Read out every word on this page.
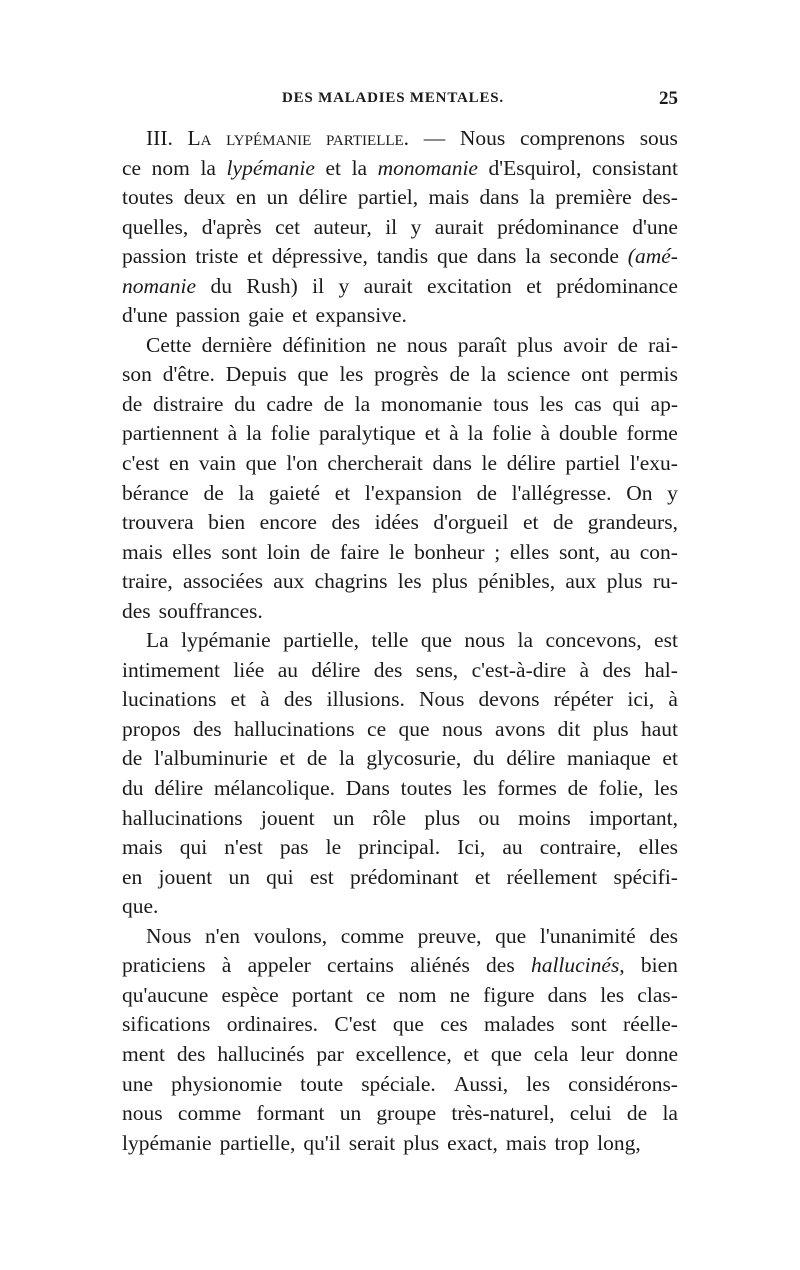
DES MALADIES MENTALES.	25
III. La lypémanie partielle. — Nous comprenons sous
ce nom la lypémanie et la monomanie d'Esquirol, consistant
toutes deux en un délire partiel, mais dans la première des-
quelles, d'après cet auteur, il y aurait prédominance d'une
passion triste et dépressive, tandis que dans la seconde (amé-
nomanie du Rush) il y aurait excitation et prédominance
d'une passion gaie et expansive.
Cette dernière définition ne nous paraît plus avoir de rai-
son d'être. Depuis que les progrès de la science ont permis
de distraire du cadre de la monomanie tous les cas qui ap-
partiennent à la folie paralytique et à la folie à double forme
c'est en vain que l'on chercherait dans le délire partiel l'exu-
bérance de la gaieté et l'expansion de l'allégresse. On y
trouvera bien encore des idées d'orgueil et de grandeurs,
mais elles sont loin de faire le bonheur ; elles sont, au con-
traire, associées aux chagrins les plus pénibles, aux plus ru-
des souffrances.
La lypémanie partielle, telle que nous la concevons, est
intimement liée au délire des sens, c'est-à-dire à des hal-
lucinations et à des illusions. Nous devons répéter ici, à
propos des hallucinations ce que nous avons dit plus haut
de l'albuminurie et de la glycosurie, du délire maniaque et
du délire mélancolique. Dans toutes les formes de folie, les
hallucinations jouent un rôle plus ou moins important,
mais qui n'est pas le principal. Ici, au contraire, elles
en jouent un qui est prédominant et réellement spécifi-
que.
Nous n'en voulons, comme preuve, que l'unanimité des
praticiens à appeler certains aliénés des hallucinés, bien
qu'aucune espèce portant ce nom ne figure dans les clas-
sifications ordinaires. C'est que ces malades sont réelle-
ment des hallucinés par excellence, et que cela leur donne
une physionomie toute spéciale. Aussi, les considérons-
nous comme formant un groupe très-naturel, celui de la
lypémanie partielle, qu'il serait plus exact, mais trop long,
